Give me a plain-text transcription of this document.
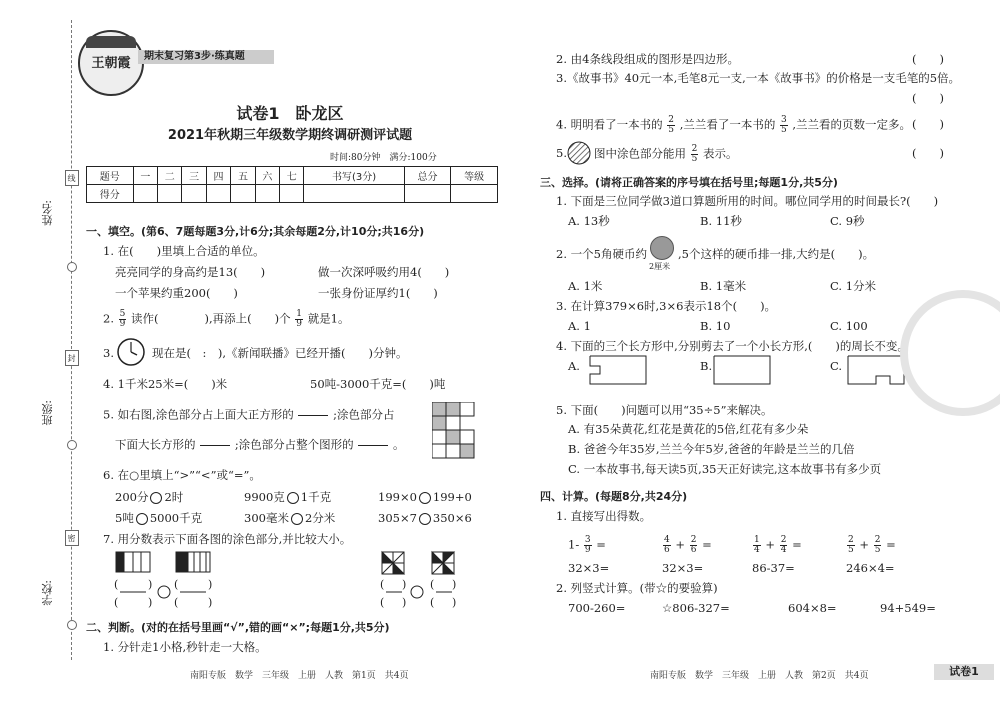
姓名:
班级:
学校:
线
封
密
王朝霞	期末复习第3步·练真题
试卷1　卧龙区
2021年秋期三年级数学期终调研测评试题
时间:80分钟　满分:100分
题号	一	二	三	四	五	六	七	书写(3分)	总分	等级
得分										
一、填空。(第6、7题每题3分,计6分;其余每题2分,计10分;共16分)
1. 在(　　)里填上合适的单位。
亮亮同学的身高约是13(　　)	做一次深呼吸约用4(　　)
一个苹果约重200(　　)	一张身份证厚约1(　　)
2. $\frac{5}{9}$ 读作(　　　　),再添上(　　)个 $\frac{1}{9}$ 就是1。
3.	现在是(　:　),《新闻联播》已经开播(　　)分钟。
4. 1千米25米=(　　)米	50吨-3000千克=(　　)吨
5. 如右图,涂色部分占上面大正方形的

	;涂色部分占
下面大长方形的

	;涂色部分占整个图形的

	。
6. 在○里填上“>”“<”或“=”。
200分 2时	9900克 1千克	199×0 199+0
5吨 5000千克	300毫米 2分米	305×7 350×6
7. 用分数表示下面各图的涂色部分,并比较大小。
(	)
(	)
(	)
(	)
( )
( )
( )
( )
二、判断。(对的在括号里画“√”,错的画“×”;每题1分,共5分)
1. 分针走1小格,秒针走一大格。
南阳专版　数学　三年级　上册　人教　第1页　共4页
2. 由4条线段组成的图形是四边形。	(　　)
3.《故事书》40元一本,毛笔8元一支,一本《故事书》的价格是一支毛笔的5倍。
(　　)
4. 明明看了一本书的 $\frac{2}{5}$ ,兰兰看了一本书的 $\frac{3}{5}$ ,兰兰看的页数一定多。 (　　)
5. 图中涂色部分能用 $\frac{2}{5}$ 表示。	(　　)
三、选择。(请将正确答案的序号填在括号里;每题1分,共5分)
1. 下面是三位同学做3道口算题所用的时间。哪位同学用的时间最长?(　　)
A. 13秒	B. 11秒	C. 9秒
2. 一个5角硬币约
2厘米
,5个这样的硬币排一排,大约是(　　)。
A. 1米	B. 1毫米	C. 1分米
3. 在计算379×6时,3×6表示18个(　　)。
A. 1	B. 10	C. 100
4. 下面的三个长方形中,分别剪去了一个小长方形,(　　)的周长不变。
A.	B.	C.
5. 下面(　　)问题可以用“35÷5”来解决。
A. 有35朵黄花,红花是黄花的5倍,红花有多少朵
B. 爸爸今年35岁,兰兰今年5岁,爸爸的年龄是兰兰的几倍
C. 一本故事书,每天读5页,35天正好读完,这本故事书有多少页
四、计算。(每题8分,共24分)
1. 直接写出得数。
$1- \frac{3}{9}$ =	$\frac{4}{6} + \frac{2}{6}$ =	$\frac{1}{4} + \frac{2}{4}$ =	$\frac{2}{5} + \frac{2}{5}$ =
32×3=	32×3=	86-37=	246×4=
2. 列竖式计算。(带☆的要验算)
700-260=	☆806-327=	604×8=	94+549=
南阳专版　数学　三年级　上册　人教　第2页　共4页	试卷1
